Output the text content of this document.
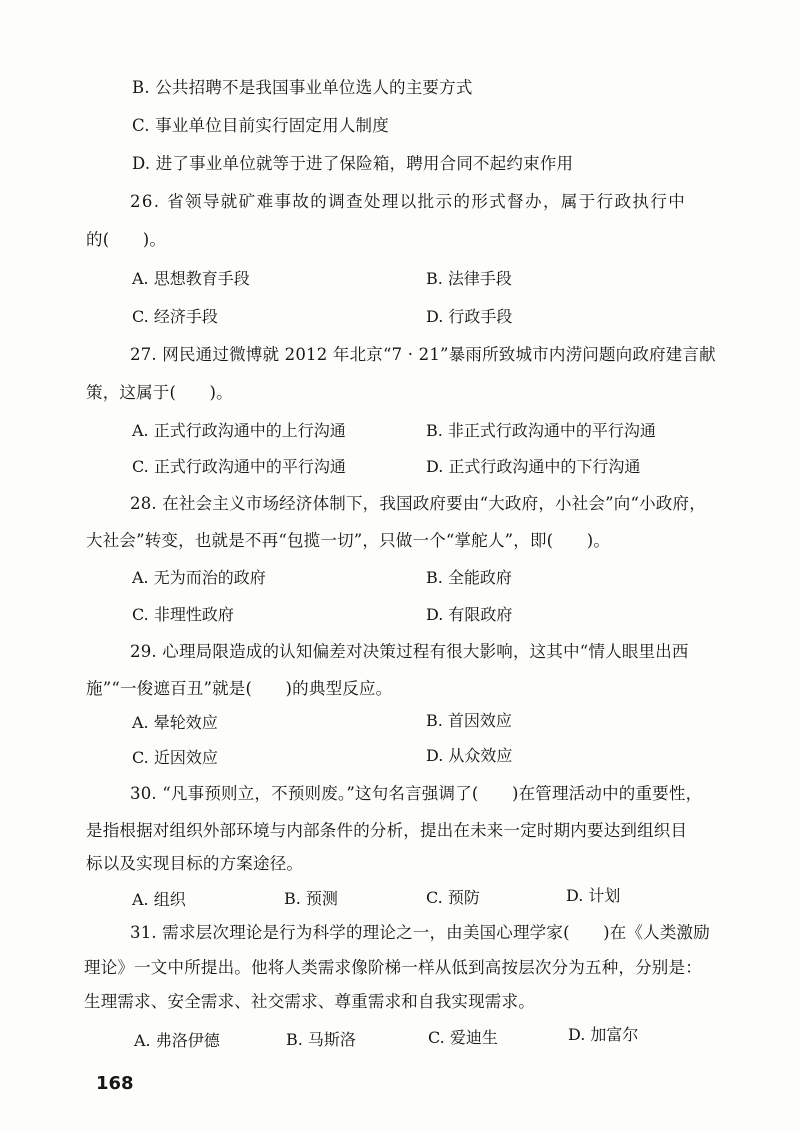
B. 公共招聘不是我国事业单位选人的主要方式
C. 事业单位目前实行固定用人制度
D. 进了事业单位就等于进了保险箱，聘用合同不起约束作用
26. 省领导就矿难事故的调查处理以批示的形式督办，属于行政执行中
的(　　)。
A. 思想教育手段	B. 法律手段
C. 经济手段	D. 行政手段
27. 网民通过微博就 2012 年北京“7 · 21”暴雨所致城市内涝问题向政府建言献
策，这属于(　　)。
A. 正式行政沟通中的上行沟通	B. 非正式行政沟通中的平行沟通
C. 正式行政沟通中的平行沟通	D. 正式行政沟通中的下行沟通
28. 在社会主义市场经济体制下，我国政府要由“大政府，小社会”向“小政府，
大社会”转变，也就是不再“包揽一切”，只做一个“掌舵人”，即(　　)。
A. 无为而治的政府	B. 全能政府
C. 非理性政府	D. 有限政府
29. 心理局限造成的认知偏差对决策过程有很大影响，这其中“情人眼里出西
施”“一俊遮百丑”就是(　　)的典型反应。
A. 晕轮效应	B. 首因效应
C. 近因效应	D. 从众效应
30. “凡事预则立，不预则废。”这句名言强调了(　　)在管理活动中的重要性，
是指根据对组织外部环境与内部条件的分析，提出在未来一定时期内要达到组织目
标以及实现目标的方案途径。
A. 组织	B. 预测	C. 预防	D. 计划
31. 需求层次理论是行为科学的理论之一，由美国心理学家(　　)在《人类激励
理论》一文中所提出。他将人类需求像阶梯一样从低到高按层次分为五种，分别是：
生理需求、安全需求、社交需求、尊重需求和自我实现需求。
A. 弗洛伊德	B. 马斯洛	C. 爱迪生	D. 加富尔
168
